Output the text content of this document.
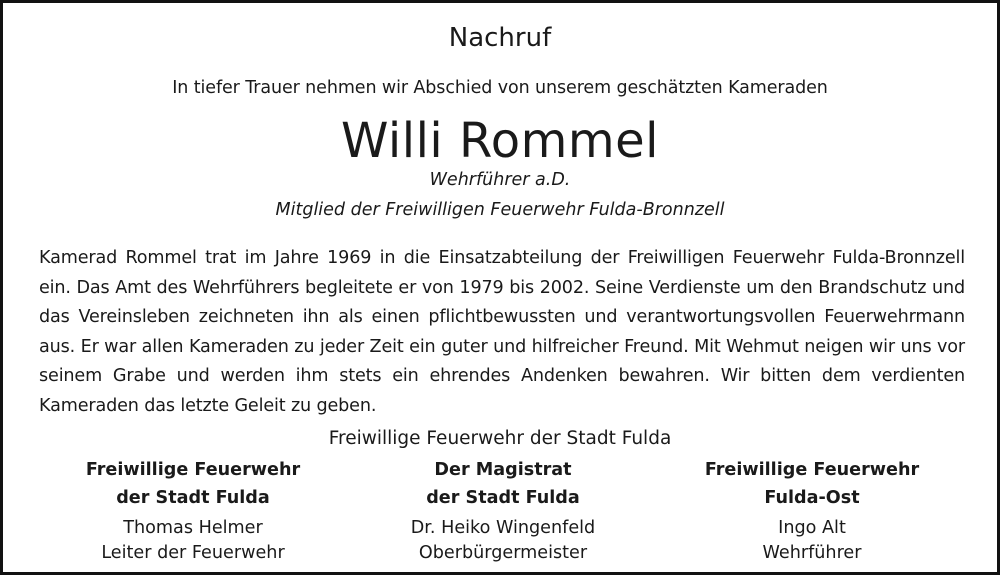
Nachruf
In tiefer Trauer nehmen wir Abschied von unserem geschätzten Kameraden
Willi Rommel
Wehrführer a.D.
Mitglied der Freiwilligen Feuerwehr Fulda-Bronnzell
Kamerad Rommel trat im Jahre 1969 in die Einsatzabteilung der Freiwilligen Feuerwehr Fulda-Bronnzell ein. Das Amt des Wehrführers begleitete er von 1979 bis 2002. Seine Verdienste um den Brandschutz und das Vereinsleben zeichneten ihn als einen pflichtbewussten und verantwortungsvollen Feuerwehrmann aus. Er war allen Kameraden zu jeder Zeit ein guter und hilfreicher Freund. Mit Wehmut neigen wir uns vor seinem Grabe und werden ihm stets ein ehrendes Andenken bewahren. Wir bitten dem verdienten Kameraden das letzte Geleit zu geben.
Freiwillige Feuerwehr der Stadt Fulda
Freiwillige Feuerwehr
der Stadt Fulda
Thomas Helmer
Leiter der Feuerwehr
Der Magistrat
der Stadt Fulda
Dr. Heiko Wingenfeld
Oberbürgermeister
Freiwillige Feuerwehr
Fulda-Ost
Ingo Alt
Wehrführer
